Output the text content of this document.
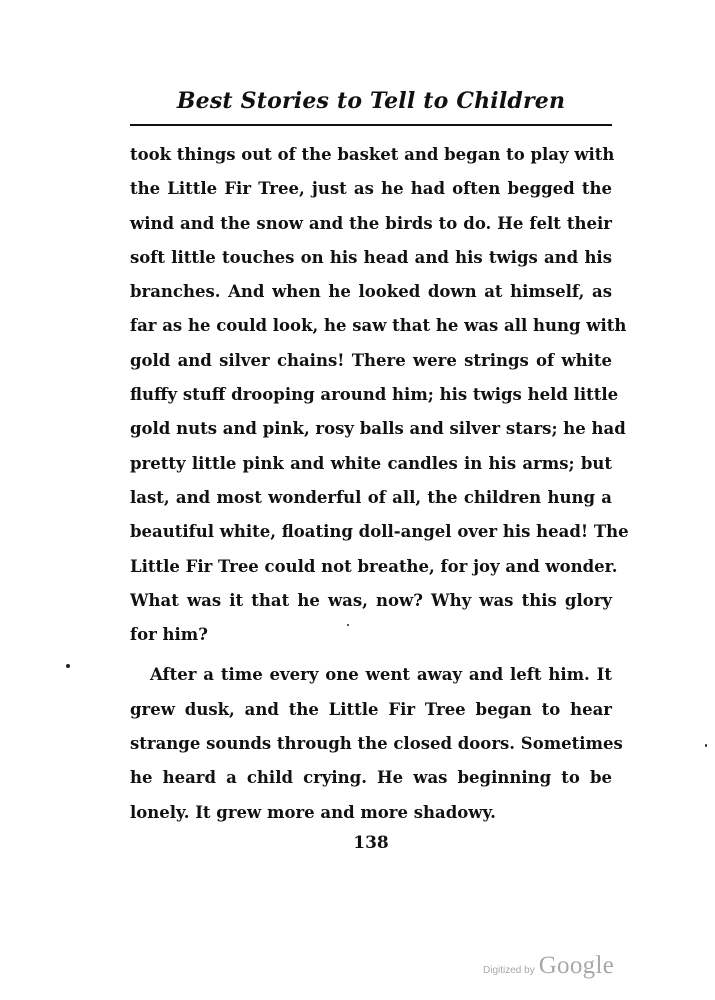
Best Stories to Tell to Children
took things out of the basket and began to play with
the Little Fir Tree, just as he had often begged the
wind and the snow and the birds to do. He felt their
soft little touches on his head and his twigs and his
branches. And when he looked down at himself, as
far as he could look, he saw that he was all hung with
gold and silver chains! There were strings of white
fluffy stuff drooping around him; his twigs held little
gold nuts and pink, rosy balls and silver stars; he had
pretty little pink and white candles in his arms; but
last, and most wonderful of all, the children hung a
beautiful white, floating doll-angel over his head! The
Little Fir Tree could not breathe, for joy and wonder.
What was it that he was, now? Why was this glory
for him?
After a time every one went away and left him. It
grew dusk, and the Little Fir Tree began to hear
strange sounds through the closed doors. Sometimes
he heard a child crying. He was beginning to be
lonely. It grew more and more shadowy.
138
Digitized by Google
